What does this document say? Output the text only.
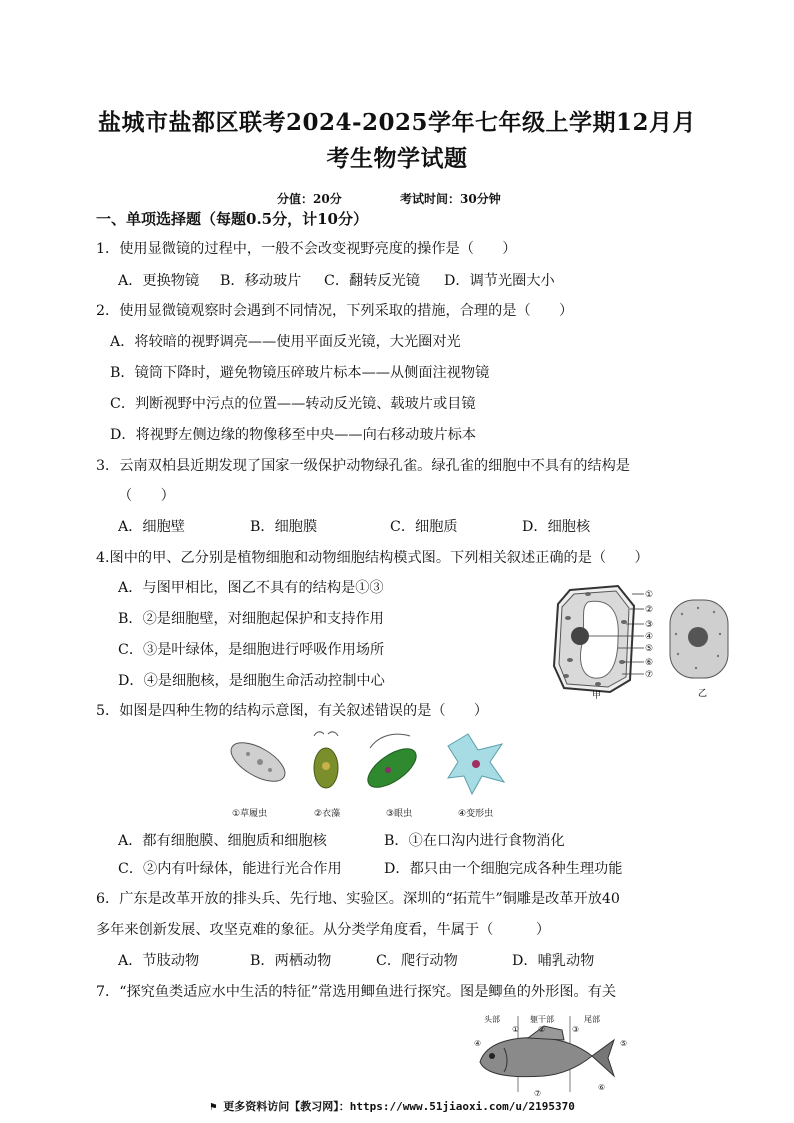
盐城市盐都区联考2024-2025学年七年级上学期12月月
考生物学试题
分值：20分	考试时间：30分钟
一、单项选择题（每题0.5分，计10分）
1．使用显微镜的过程中，一般不会改变视野亮度的操作是（　　）
A．更换物镜 B．移动玻片 C．翻转反光镜 D．调节光圈大小
2．使用显微镜观察时会遇到不同情况，下列采取的措施，合理的是（　　）
A．将较暗的视野调亮——使用平面反光镜，大光圈对光
B．镜筒下降时，避免物镜压碎玻片标本——从侧面注视物镜
C．判断视野中污点的位置——转动反光镜、载玻片或目镜
D．将视野左侧边缘的物像移至中央——向右移动玻片标本
3．云南双柏县近期发现了国家一级保护动物绿孔雀。绿孔雀的细胞中不具有的结构是
（　　）
A．细胞壁	B．细胞膜	C．细胞质	D．细胞核
4.图中的甲、乙分别是植物细胞和动物细胞结构模式图。下列相关叙述正确的是（　　）
A．与图甲相比，图乙不具有的结构是①③
B．②是细胞壁，对细胞起保护和支持作用
C．③是叶绿体，是细胞进行呼吸作用场所
D．④是细胞核，是细胞生命活动控制中心
①
②
③
④
⑤
⑥
⑦
甲	乙
5．如图是四种生物的结构示意图，有关叙述错误的是（　　）
①草履虫	②衣藻	③眼虫	④变形虫
A．都有细胞膜、细胞质和细胞核	B．①在口沟内进行食物消化
C．②内有叶绿体，能进行光合作用	D．都只由一个细胞完成各种生理功能
6．广东是改革开放的排头兵、先行地、实验区。深圳的“拓荒牛”铜雕是改革开放40
多年来创新发展、攻坚克难的象征。从分类学角度看，牛属于（　　　）
A．节肢动物	B．两栖动物	C．爬行动物	D．哺乳动物
7．“探究鱼类适应水中生活的特征”常选用鲫鱼进行探究。图是鲫鱼的外形图。有关
头部	躯干部	尾部
① ②	③
④	⑤
⑥
⑦
⚑ 更多资料访问【教习网】：https://www.51jiaoxi.com/u/2195370
